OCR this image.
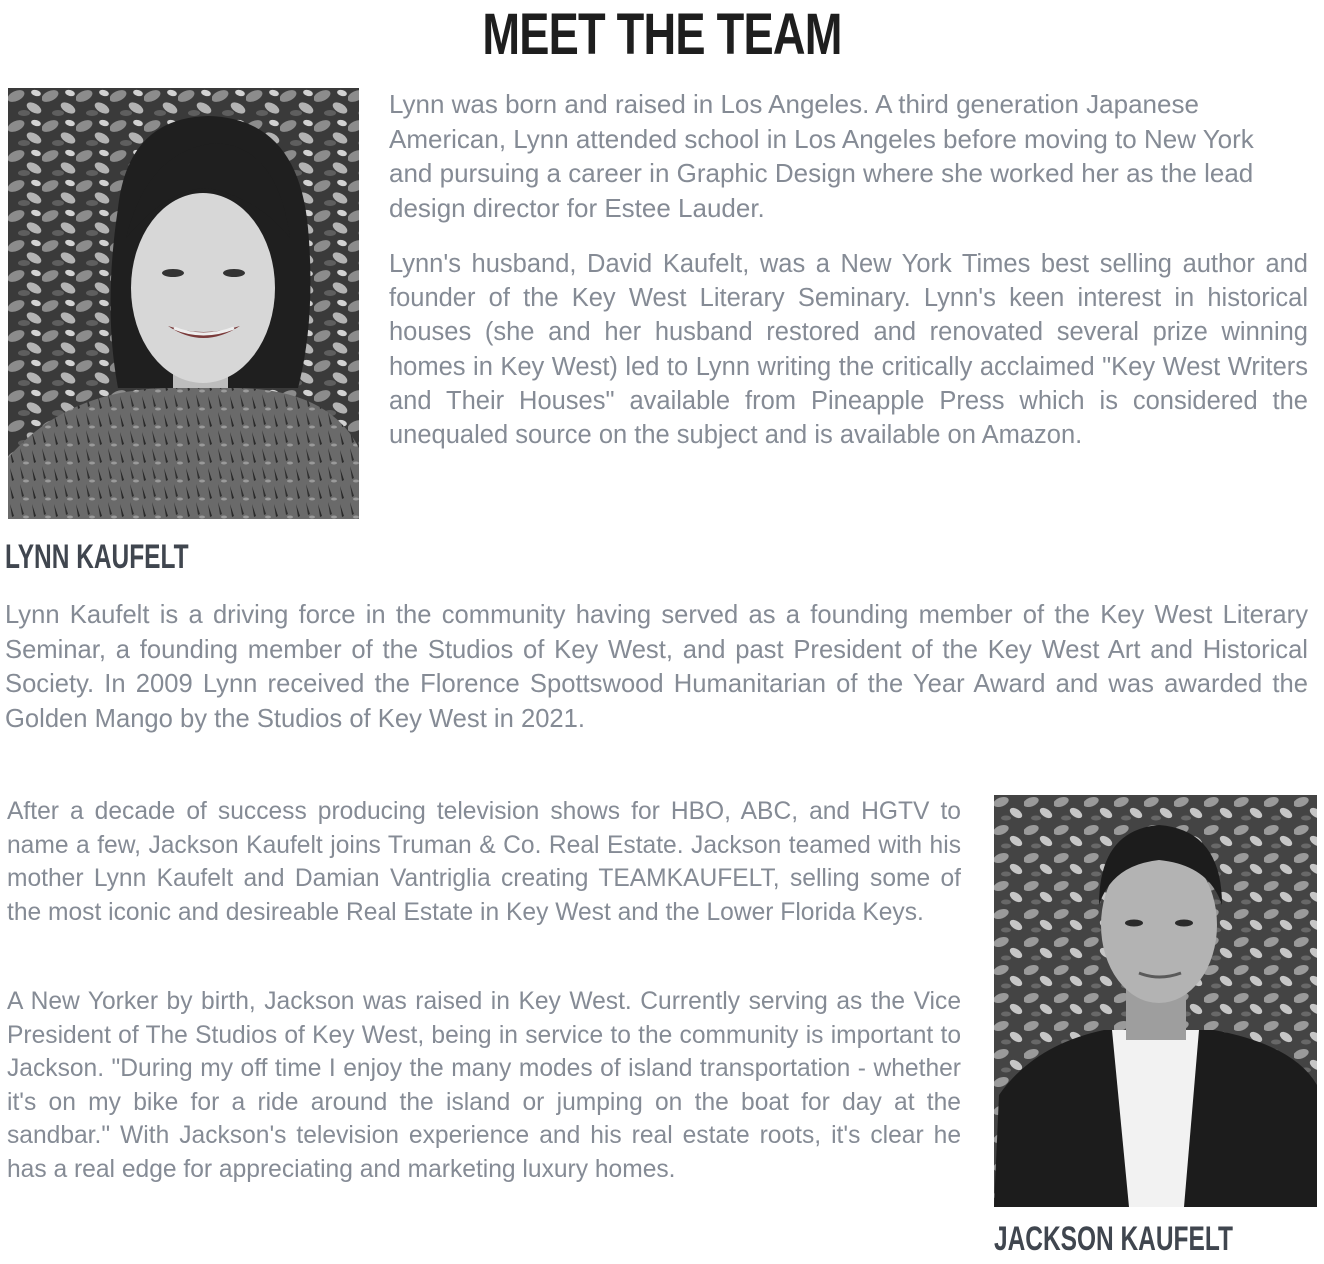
MEET THE TEAM

Lynn was born and raised in Los Angeles. A third generation Japanese American, Lynn attended school in Los Angeles before moving to New York and pursuing a career in Graphic Design where she worked her as the lead design director for Estee Lauder.

Lynn's husband, David Kaufelt, was a New York Times best selling author and founder of the Key West Literary Seminary. Lynn's keen interest in historical houses (she and her husband restored and renovated several prize winning homes in Key West) led to Lynn writing the critically acclaimed "Key West Writers and Their Houses" available from Pineapple Press which is considered the unequaled source on the subject and is available on Amazon.

LYNN KAUFELT

Lynn Kaufelt is a driving force in the community having served as a founding member of the Key West Literary Seminar, a founding member of the Studios of Key West, and past President of the Key West Art and Historical Society. In 2009 Lynn received the Florence Spottswood Humanitarian of the Year Award and was awarded the Golden Mango by the Studios of Key West in 2021.

After a decade of success producing television shows for HBO, ABC, and HGTV to name a few, Jackson Kaufelt joins Truman & Co. Real Estate. Jackson teamed with his mother Lynn Kaufelt and Damian Vantriglia creating TEAMKAUFELT, selling some of the most iconic and desireable Real Estate in Key West and the Lower Florida Keys.

A New Yorker by birth, Jackson was raised in Key West. Currently serving as the Vice President of The Studios of Key West, being in service to the community is important to Jackson. "During my off time I enjoy the many modes of island transportation - whether it's on my bike for a ride around the island or jumping on the boat for day at the sandbar." With Jackson's television experience and his real estate roots, it's clear he has a real edge for appreciating and marketing luxury homes.

JACKSON KAUFELT
